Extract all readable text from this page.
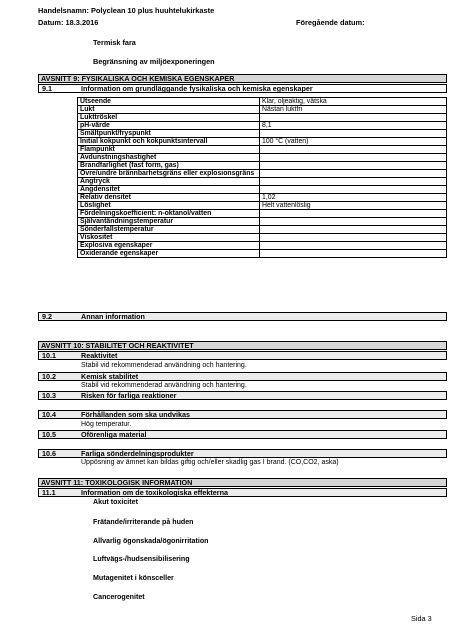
Handelsnamn: Polyclean 10 plus huuhtelukirkaste
Datum: 18.3.2016	Föregående datum:
Termisk fara
Begränsning av miljöexponeringen
AVSNITT 9: FYSIKALISKA OCH KEMISKA EGENSKAPER
9.1	Information om grundläggande fysikaliska och kemiska egenskaper
Utseende	Klar, oljeaktig, vätska
Lukt	Nästan luktfri
Lukttröskel	
pH-värde	8,1
Smältpunkt/fryspunkt	
Initial kokpunkt och kokpunktsintervall	100 °C (vatten)
Flampunkt	
Avdunstningshastighet	
Brandfarlighet (fast form, gas)	
Övre/undre brännbarhetsgräns eller explosionsgräns	
Ångtryck	
Ångdensitet	
Relativ densitet	1,02
Löslighet	Helt vattenlöslig
Fördelningskoefficient: n-oktanol/vatten	
Självantändningstemperatur	
Sönderfallstemperatur	
Viskositet	
Explosiva egenskaper	
Oxiderande egenskaper	
9.2	Annan information
AVSNITT 10: STABILITET OCH REAKTIVITET
10.1	Reaktivitet
Stabil vid rekommenderad användning och hantering.
10.2	Kemisk stabilitet
Stabil vid rekommenderad användning och hantering.
10.3	Risken för farliga reaktioner
10.4	Förhållanden som ska undvikas
Hög temperatur.
10.5	Oförenliga material
10.6	Farliga sönderdelningsprodukter
Uppösning av ämnet kan bildas giftig och/eller skadlig gas I brand. (CO,CO2, aska)
AVSNITT 11: TOXIKOLOGISK INFORMATION
11.1	Information om de toxikologiska effekterna
Akut toxicitet
Frätande/irriterande på huden
Allvarlig ögonskada/ögonirritation
Luftvägs-/hudsensibilisering
Mutagenitet i könsceller
Cancerogenitet
Sida 3
